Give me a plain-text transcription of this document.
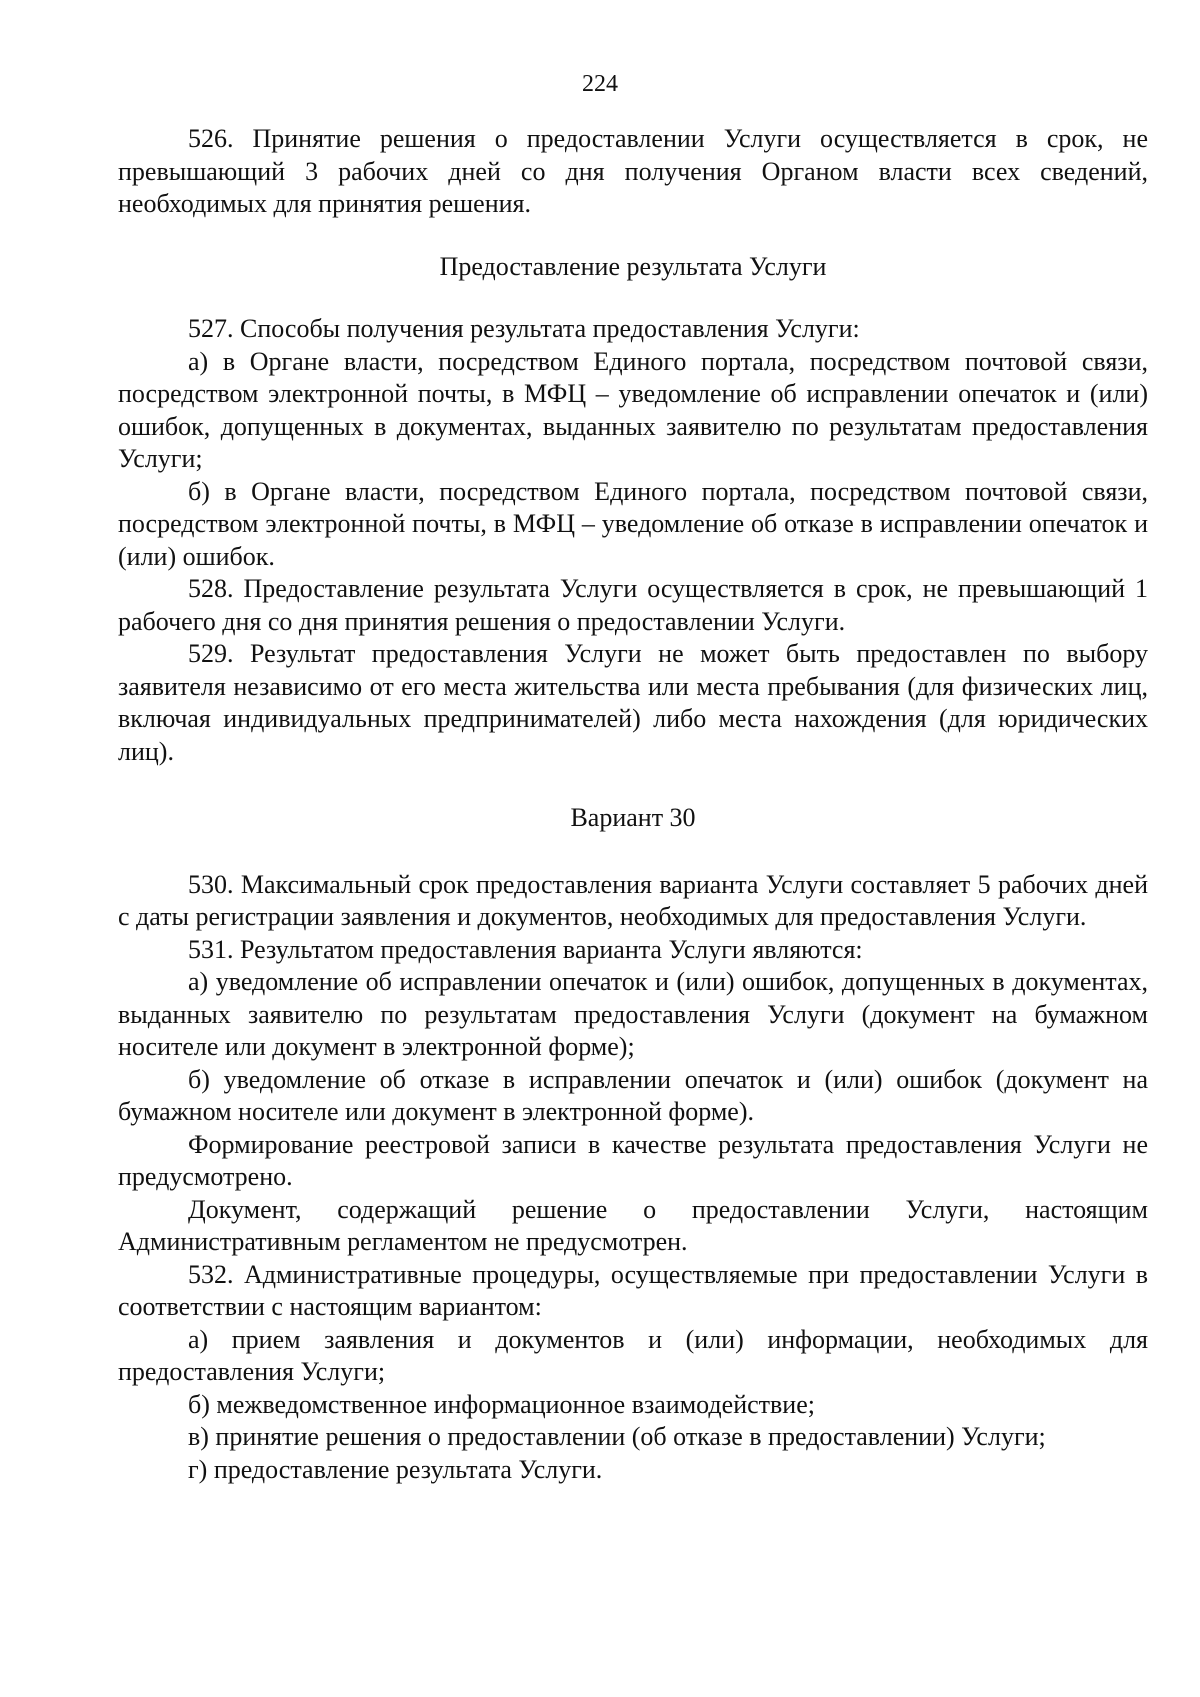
224

526. Принятие решения о предоставлении Услуги осуществляется в срок, не превышающий 3 рабочих дней со дня получения Органом власти всех сведений, необходимых для принятия решения.

Предоставление результата Услуги

527. Способы получения результата предоставления Услуги:

а) в Органе власти, посредством Единого портала, посредством почтовой связи, посредством электронной почты, в МФЦ – уведомление об исправлении опечаток и (или) ошибок, допущенных в документах, выданных заявителю по результатам предоставления Услуги;

б) в Органе власти, посредством Единого портала, посредством почтовой связи, посредством электронной почты, в МФЦ – уведомление об отказе в исправлении опечаток и (или) ошибок.

528. Предоставление результата Услуги осуществляется в срок, не превышающий 1 рабочего дня со дня принятия решения о предоставлении Услуги.

529. Результат предоставления Услуги не может быть предоставлен по выбору заявителя независимо от его места жительства или места пребывания (для физических лиц, включая индивидуальных предпринимателей) либо места нахождения (для юридических лиц).

Вариант 30

530. Максимальный срок предоставления варианта Услуги составляет 5 рабочих дней с даты регистрации заявления и документов, необходимых для предоставления Услуги.

531. Результатом предоставления варианта Услуги являются:

а) уведомление об исправлении опечаток и (или) ошибок, допущенных в документах, выданных заявителю по результатам предоставления Услуги (документ на бумажном носителе или документ в электронной форме);

б) уведомление об отказе в исправлении опечаток и (или) ошибок (документ на бумажном носителе или документ в электронной форме).

Формирование реестровой записи в качестве результата предоставления Услуги не предусмотрено.

Документ, содержащий решение о предоставлении Услуги, настоящим Административным регламентом не предусмотрен.

532. Административные процедуры, осуществляемые при предоставлении Услуги в соответствии с настоящим вариантом:

а) прием заявления и документов и (или) информации, необходимых для предоставления Услуги;

б) межведомственное информационное взаимодействие;

в) принятие решения о предоставлении (об отказе в предоставлении) Услуги;

г) предоставление результата Услуги.
